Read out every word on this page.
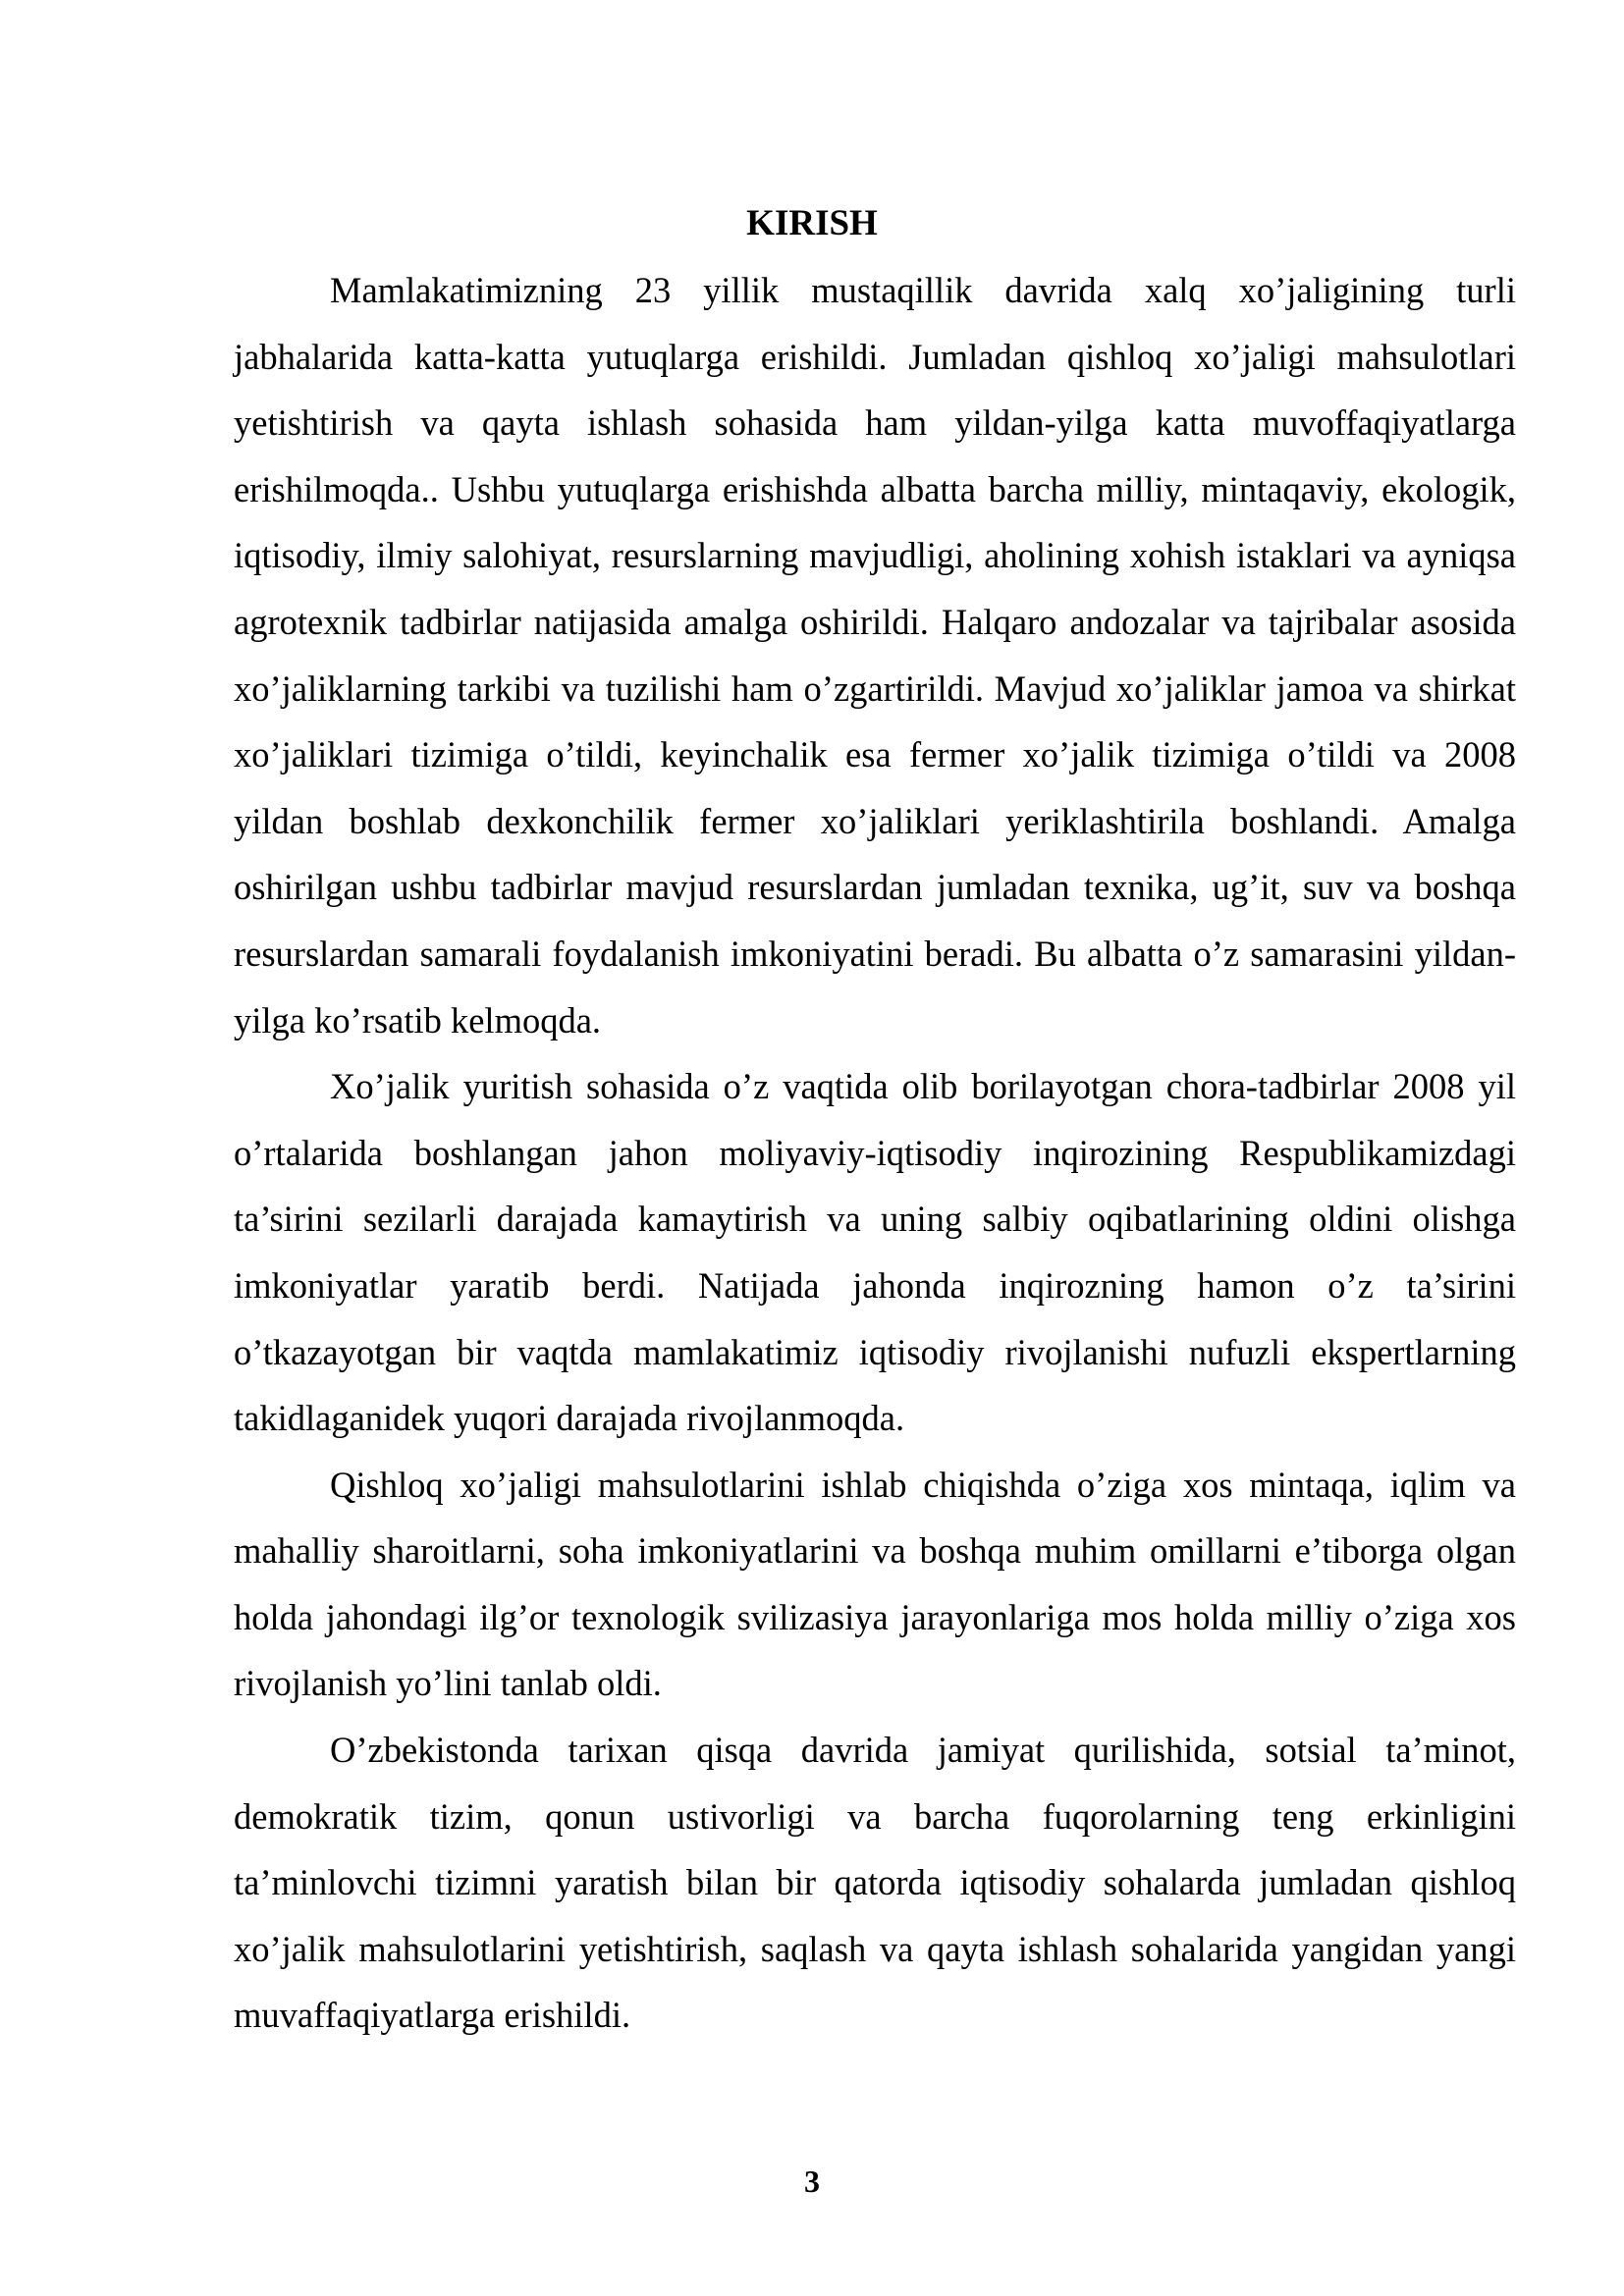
KIRISH

Mamlakatimizning 23 yillik mustaqillik davrida xalq xo’jaligining turli jabhalarida katta-katta yutuqlarga erishildi. Jumladan qishloq xo’jaligi mahsulotlari yetishtirish va qayta ishlash sohasida ham yildan-yilga katta muvoffaqiyatlarga erishilmoqda.. Ushbu yutuqlarga erishishda albatta barcha milliy, mintaqaviy, ekologik, iqtisodiy, ilmiy salohiyat, resurslarning mavjudligi, aholining xohish istaklari va ayniqsa agrotexnik tadbirlar natijasida amalga oshirildi. Halqaro andozalar va tajribalar asosida xo’jaliklarning tarkibi va tuzilishi ham o’zgartirildi. Mavjud xo’jaliklar jamoa va shirkat xo’jaliklari tizimiga o’tildi, keyinchalik esa fermer xo’jalik tizimiga o’tildi va 2008 yildan boshlab dexkonchilik fermer xo’jaliklari yeriklashtirila boshlandi. Amalga oshirilgan ushbu tadbirlar mavjud resurslardan jumladan texnika, ug’it, suv va boshqa resurslardan samarali foydalanish imkoniyatini beradi. Bu albatta o’z samarasini yildan-yilga ko’rsatib kelmoqda.

Xo’jalik yuritish sohasida o’z vaqtida olib borilayotgan chora-tadbirlar 2008 yil o’rtalarida boshlangan jahon moliyaviy-iqtisodiy inqirozining Respublikamizdagi ta’sirini sezilarli darajada kamaytirish va uning salbiy oqibatlarining oldini olishga imkoniyatlar yaratib berdi. Natijada jahonda inqirozning hamon o’z ta’sirini o’tkazayotgan bir vaqtda mamlakatimiz iqtisodiy rivojlanishi nufuzli ekspertlarning takidlaganidek yuqori darajada rivojlanmoqda.

Qishloq xo’jaligi mahsulotlarini ishlab chiqishda o’ziga xos mintaqa, iqlim va mahalliy sharoitlarni, soha imkoniyatlarini va boshqa muhim omillarni e’tiborga olgan holda jahondagi ilg’or texnologik svilizasiya jarayonlariga mos holda milliy o’ziga xos rivojlanish yo’lini tanlab oldi.

O’zbekistonda tarixan qisqa davrida jamiyat qurilishida, sotsial ta’minot, demokratik tizim, qonun ustivorligi va barcha fuqorolarning teng erkinligini ta’minlovchi tizimni yaratish bilan bir qatorda iqtisodiy sohalarda jumladan qishloq xo’jalik mahsulotlarini yetishtirish, saqlash va qayta ishlash sohalarida yangidan yangi muvaffaqiyatlarga erishildi.

3
